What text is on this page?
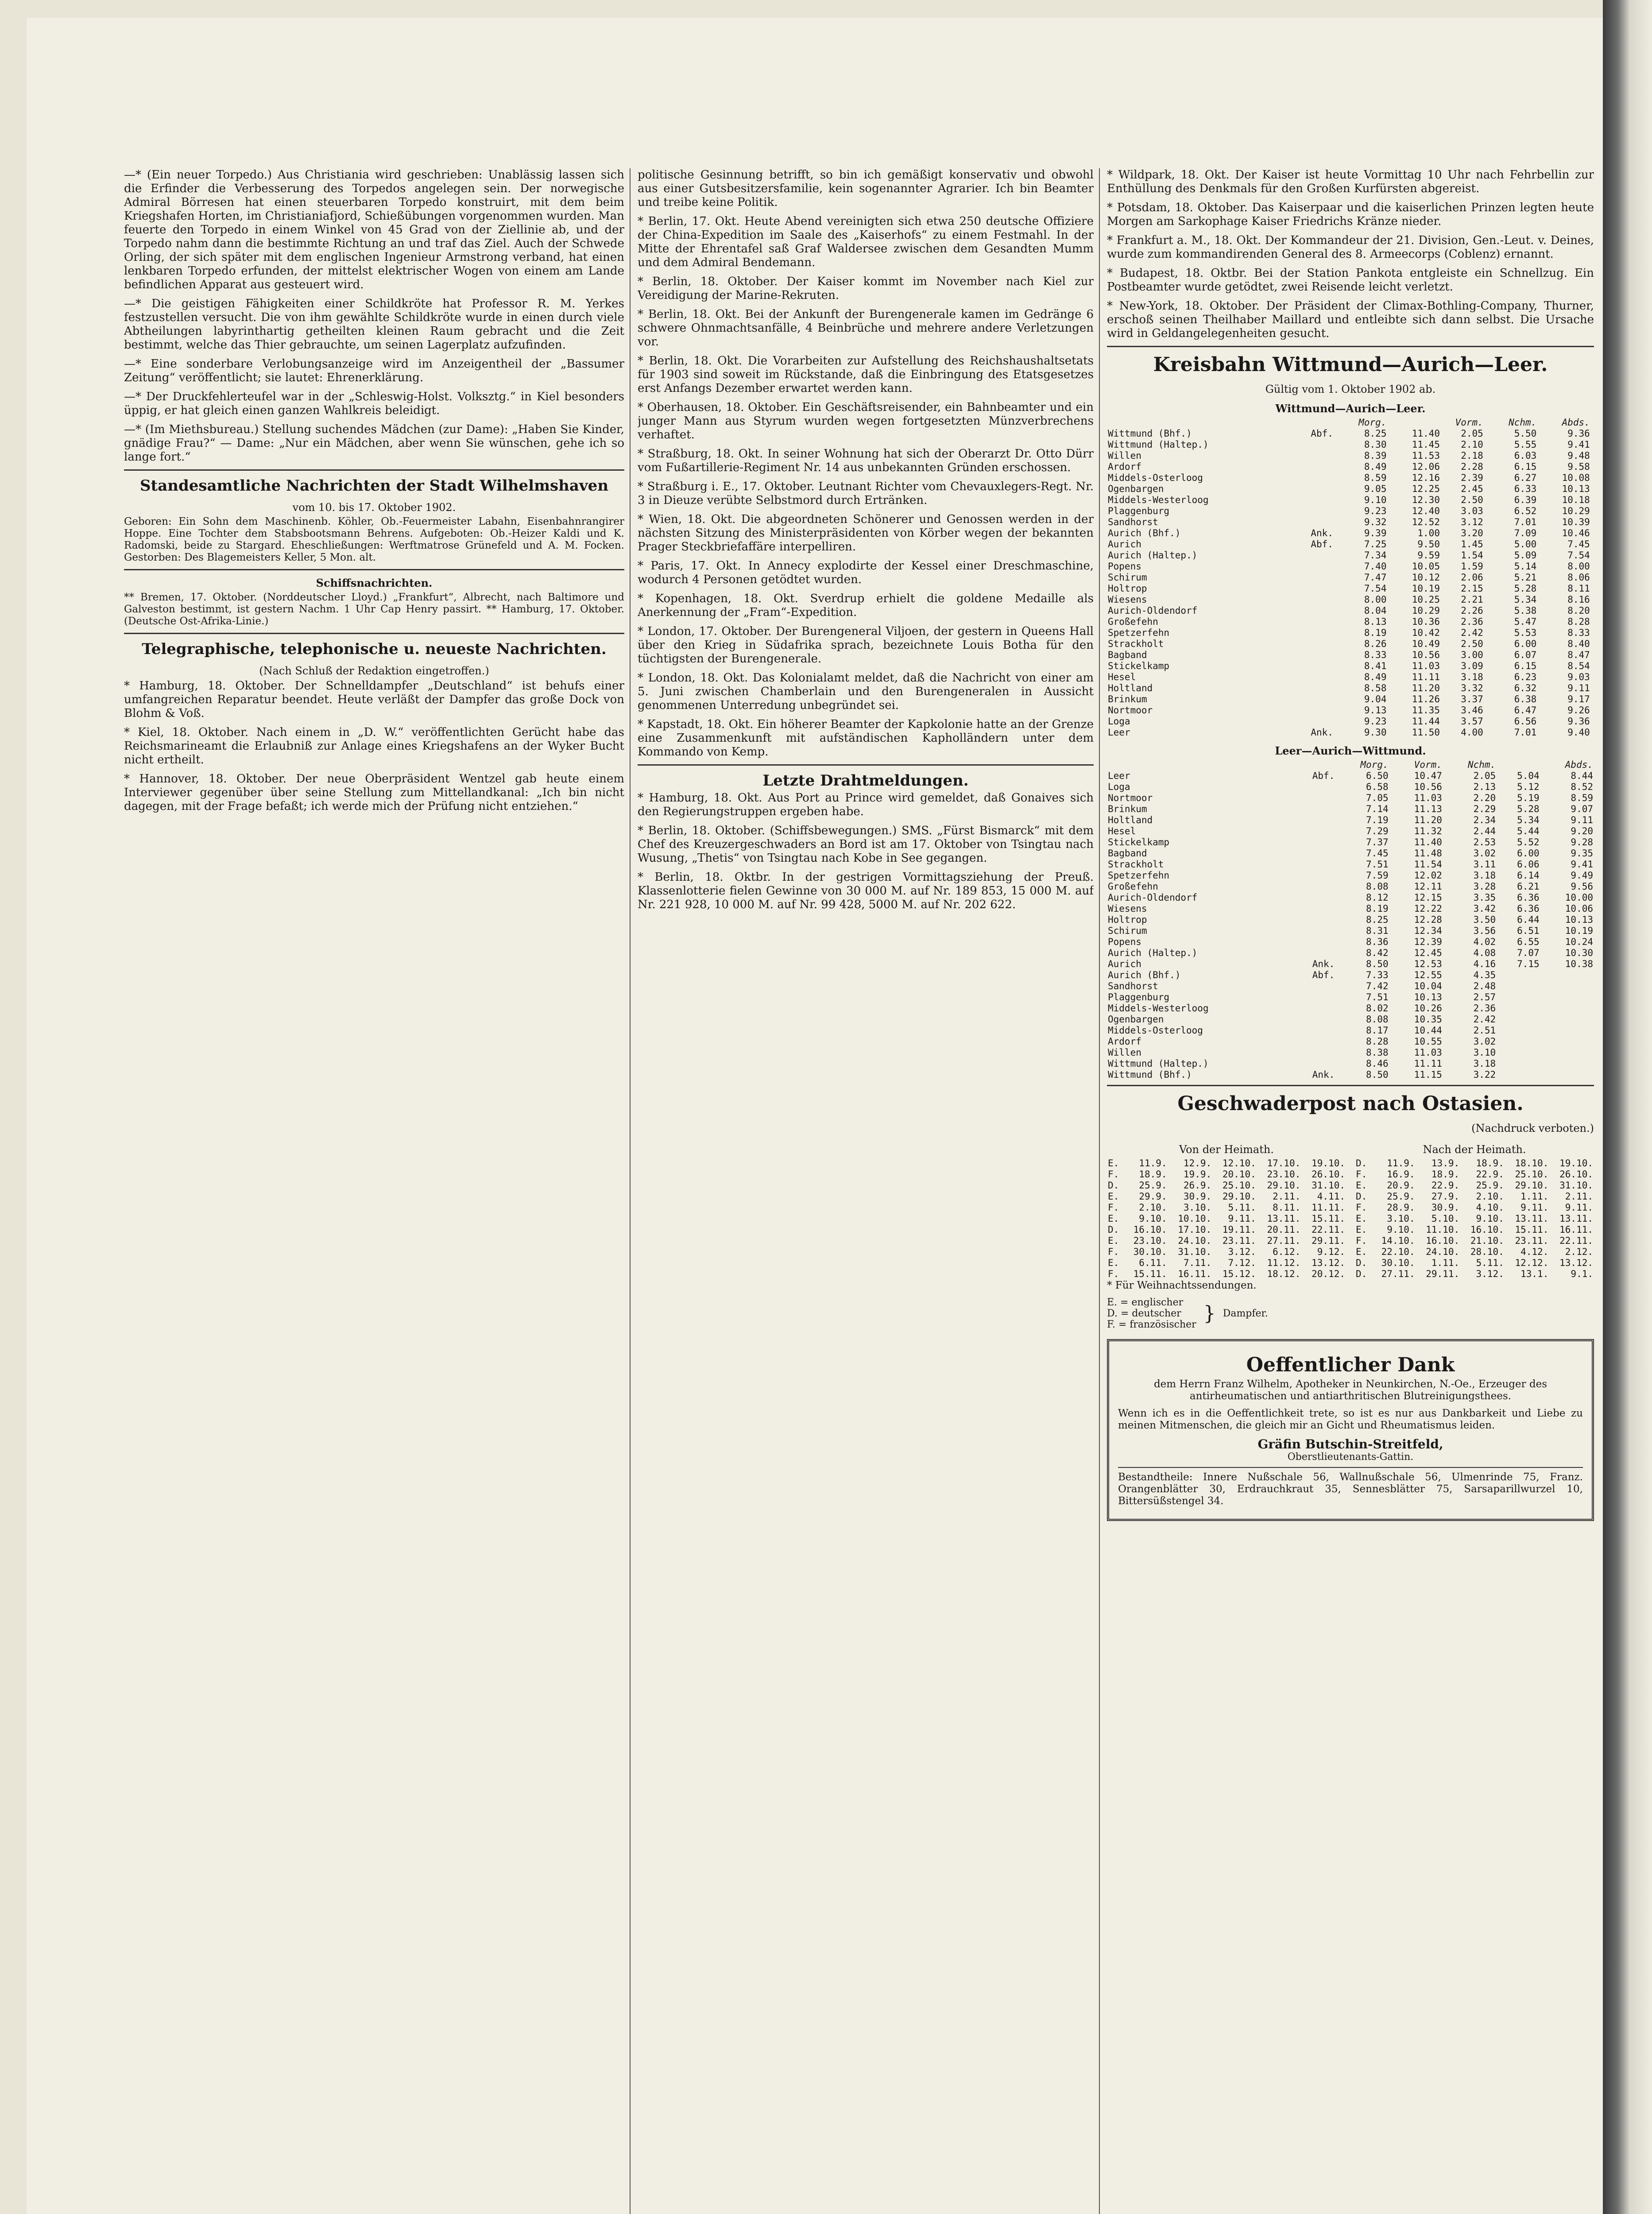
—* (Ein neuer Torpedo.) Aus Christiania wird geschrieben: Unablässig lassen sich die Erfinder die Verbesserung des Torpedos angelegen sein. Der norwegische Admiral Börresen hat einen steuerbaren Torpedo konstruirt, mit dem beim Kriegshafen Horten, im Christianiafjord, Schießübungen vorgenommen wurden. Man feuerte den Torpedo in einem Winkel von 45 Grad von der Ziellinie ab, und der Torpedo nahm dann die bestimmte Richtung an und traf das Ziel. Auch der Schwede Orling, der sich später mit dem englischen Ingenieur Armstrong verband, hat einen lenkbaren Torpedo erfunden, der mittelst elektrischer Wogen von einem am Lande befindlichen Apparat aus gesteuert wird.

—* Die geistigen Fähigkeiten einer Schildkröte hat Professor R. M. Yerkes festzustellen versucht. Die von ihm gewählte Schildkröte wurde in einen durch viele Abtheilungen labyrinthartig getheilten kleinen Raum gebracht und die Zeit bestimmt, welche das Thier gebrauchte, um seinen Lagerplatz aufzufinden.

—* Eine sonderbare Verlobungsanzeige wird im Anzeigentheil der „Bassumer Zeitung“ veröffentlicht; sie lautet: Ehrenerklärung.

—* Der Druckfehlerteufel war in der „Schleswig-Holst. Volksztg.“ in Kiel besonders üppig, er hat gleich einen ganzen Wahlkreis beleidigt.

—* (Im Miethsbureau.) Stellung suchendes Mädchen (zur Dame): „Haben Sie Kinder, gnädige Frau?“ — Dame: „Nur ein Mädchen, aber wenn Sie wünschen, gehe ich so lange fort.“

Standesamtliche Nachrichten der Stadt Wilhelmshaven
vom 10. bis 17. Oktober 1902.

Geboren: Ein Sohn dem Maschinenb. Köhler, Ob.-Feuermeister Labahn, Eisenbahnrangirer Hoppe. Eine Tochter dem Stabsbootsmann Behrens. Aufgeboten: Ob.-Heizer Kaldi und K. Radomski, beide zu Stargard. Eheschließungen: Werftmatrose Grünefeld und A. M. Focken. Gestorben: Des Blagemeisters Keller, 5 Mon. alt.

Schiffsnachrichten.

** Bremen, 17. Oktober. (Norddeutscher Lloyd.) „Frankfurt“, Albrecht, nach Baltimore und Galveston bestimmt, ist gestern Nachm. 1 Uhr Cap Henry passirt. ** Hamburg, 17. Oktober. (Deutsche Ost-Afrika-Linie.)

Telegraphische, telephonische u. neueste Nachrichten.
(Nach Schluß der Redaktion eingetroffen.)

* Hamburg, 18. Oktober. Der Schnelldampfer „Deutschland“ ist behufs einer umfangreichen Reparatur beendet. Heute verläßt der Dampfer das große Dock von Blohm & Voß.

* Kiel, 18. Oktober. Nach einem in „D. W.“ veröffentlichten Gerücht habe das Reichsmarineamt die Erlaubniß zur Anlage eines Kriegshafens an der Wyker Bucht nicht ertheilt.

* Hannover, 18. Oktober. Der neue Oberpräsident Wentzel gab heute einem Interviewer gegenüber über seine Stellung zum Mittellandkanal: „Ich bin nicht dagegen, mit der Frage befaßt; ich werde mich der Prüfung nicht entziehen.“

politische Gesinnung betrifft, so bin ich gemäßigt konservativ und obwohl aus einer Gutsbesitzersfamilie, kein sogenannter Agrarier. Ich bin Beamter und treibe keine Politik.

* Berlin, 17. Okt. Heute Abend vereinigten sich etwa 250 deutsche Offiziere der China-Expedition im Saale des „Kaiserhofs“ zu einem Festmahl. In der Mitte der Ehrentafel saß Graf Waldersee zwischen dem Gesandten Mumm und dem Admiral Bendemann.

* Berlin, 18. Oktober. Der Kaiser kommt im November nach Kiel zur Vereidigung der Marine-Rekruten.

* Berlin, 18. Okt. Bei der Ankunft der Burengenerale kamen im Gedränge 6 schwere Ohnmachtsanfälle, 4 Beinbrüche und mehrere andere Verletzungen vor.

* Berlin, 18. Okt. Die Vorarbeiten zur Aufstellung des Reichshaushaltsetats für 1903 sind soweit im Rückstande, daß die Einbringung des Etatsgesetzes erst Anfangs Dezember erwartet werden kann.

* Oberhausen, 18. Oktober. Ein Geschäftsreisender, ein Bahnbeamter und ein junger Mann aus Styrum wurden wegen fortgesetzten Münzverbrechens verhaftet.

* Straßburg, 18. Okt. In seiner Wohnung hat sich der Oberarzt Dr. Otto Dürr vom Fußartillerie-Regiment Nr. 14 aus unbekannten Gründen erschossen.

* Straßburg i. E., 17. Oktober. Leutnant Richter vom Chevauxlegers-Regt. Nr. 3 in Dieuze verübte Selbstmord durch Ertränken.

* Wien, 18. Okt. Die abgeordneten Schönerer und Genossen werden in der nächsten Sitzung des Ministerpräsidenten von Körber wegen der bekannten Prager Steckbriefaffäre interpelliren.

* Paris, 17. Okt. In Annecy explodirte der Kessel einer Dreschmaschine, wodurch 4 Personen getödtet wurden.

* Kopenhagen, 18. Okt. Sverdrup erhielt die goldene Medaille als Anerkennung der „Fram“-Expedition.

* London, 17. Oktober. Der Burengeneral Viljoen, der gestern in Queens Hall über den Krieg in Südafrika sprach, bezeichnete Louis Botha für den tüchtigsten der Burengenerale.

* London, 18. Okt. Das Kolonialamt meldet, daß die Nachricht von einer am 5. Juni zwischen Chamberlain und den Burengeneralen in Aussicht genommenen Unterredung unbegründet sei.

* Kapstadt, 18. Okt. Ein höherer Beamter der Kapkolonie hatte an der Grenze eine Zusammenkunft mit aufständischen Kapholländern unter dem Kommando von Kemp.

Letzte Drahtmeldungen.

* Hamburg, 18. Okt. Aus Port au Prince wird gemeldet, daß Gonaives sich den Regierungstruppen ergeben habe.

* Berlin, 18. Oktober. (Schiffsbewegungen.) SMS. „Fürst Bismarck“ mit dem Chef des Kreuzergeschwaders an Bord ist am 17. Oktober von Tsingtau nach Wusung, „Thetis“ von Tsingtau nach Kobe in See gegangen.

* Berlin, 18. Oktbr. In der gestrigen Vormittagsziehung der Preuß. Klassenlotterie fielen Gewinne von 30 000 M. auf Nr. 189 853, 15 000 M. auf Nr. 221 928, 10 000 M. auf Nr. 99 428, 5000 M. auf Nr. 202 622.

* Wildpark, 18. Okt. Der Kaiser ist heute Vormittag 10 Uhr nach Fehrbellin zur Enthüllung des Denkmals für den Großen Kurfürsten abgereist.

* Potsdam, 18. Oktober. Das Kaiserpaar und die kaiserlichen Prinzen legten heute Morgen am Sarkophage Kaiser Friedrichs Kränze nieder.

* Frankfurt a. M., 18. Okt. Der Kommandeur der 21. Division, Gen.-Leut. v. Deines, wurde zum kommandirenden General des 8. Armeecorps (Coblenz) ernannt.

* Budapest, 18. Oktbr. Bei der Station Pankota entgleiste ein Schnellzug. Ein Postbeamter wurde getödtet, zwei Reisende leicht verletzt.

* New-York, 18. Oktober. Der Präsident der Climax-Bothling-Company, Thurner, erschoß seinen Theilhaber Maillard und entleibte sich dann selbst. Die Ursache wird in Geldangelegenheiten gesucht.

Kreisbahn Wittmund—Aurich—Leer.
Gültig vom 1. Oktober 1902 ab.
Wittmund—Aurich—Leer.
		Morg.	Vorm.		Nchm.	Abds.	
Wittmund (Bhf.)	Abf.	8.25	11.40	2.05	5.50	9.36	
Wittmund (Haltep.)		8.30	11.45	2.10	5.55	9.41	
Willen		8.39	11.53	2.18	6.03	9.48	
Ardorf		8.49	12.06	2.28	6.15	9.58	
Middels-Osterloog		8.59	12.16	2.39	6.27	10.08	
Ogenbargen		9.05	12.25	2.45	6.33	10.13	
Middels-Westerloog		9.10	12.30	2.50	6.39	10.18	
Plaggenburg		9.23	12.40	3.03	6.52	10.29	
Sandhorst		9.32	12.52	3.12	7.01	10.39	
Aurich (Bhf.)	Ank.	9.39	1.00	3.20	7.09	10.46	
Aurich	Abf.	7.25	9.50	1.45	5.00	7.45	
Aurich (Haltep.)		7.34	9.59	1.54	5.09	7.54	
Popens		7.40	10.05	1.59	5.14	8.00	
Schirum		7.47	10.12	2.06	5.21	8.06	
Holtrop		7.54	10.19	2.15	5.28	8.11	
Wiesens		8.00	10.25	2.21	5.34	8.16	
Aurich-Oldendorf		8.04	10.29	2.26	5.38	8.20	
Großefehn		8.13	10.36	2.36	5.47	8.28	
Spetzerfehn		8.19	10.42	2.42	5.53	8.33	
Strackholt		8.26	10.49	2.50	6.00	8.40	
Bagband		8.33	10.56	3.00	6.07	8.47	
Stickelkamp		8.41	11.03	3.09	6.15	8.54	
Hesel		8.49	11.11	3.18	6.23	9.03	
Holtland		8.58	11.20	3.32	6.32	9.11	
Brinkum		9.04	11.26	3.37	6.38	9.17	
Nortmoor		9.13	11.35	3.46	6.47	9.26	
Loga		9.23	11.44	3.57	6.56	9.36	
Leer	Ank.	9.30	11.50	4.00	7.01	9.40	
Leer—Aurich—Wittmund.
		Morg.	Vorm.	Nchm.	Abds.	
Leer	Abf.	6.50	10.47	2.05	5.04	8.44
Loga		6.58	10.56	2.13	5.12	8.52
Nortmoor		7.05	11.03	2.20	5.19	8.59
Brinkum		7.14	11.13	2.29	5.28	9.07
Holtland		7.19	11.20	2.34	5.34	9.11
Hesel		7.29	11.32	2.44	5.44	9.20
Stickelkamp		7.37	11.40	2.53	5.52	9.28
Bagband		7.45	11.48	3.02	6.00	9.35
Strackholt		7.51	11.54	3.11	6.06	9.41
Spetzerfehn		7.59	12.02	3.18	6.14	9.49
Großefehn		8.08	12.11	3.28	6.21	9.56
Aurich-Oldendorf		8.12	12.15	3.35	6.36	10.00
Wiesens		8.19	12.22	3.42	6.36	10.06
Holtrop		8.25	12.28	3.50	6.44	10.13
Schirum		8.31	12.34	3.56	6.51	10.19
Popens		8.36	12.39	4.02	6.55	10.24
Aurich (Haltep.)		8.42	12.45	4.08	7.07	10.30
Aurich	Ank.	8.50	12.53	4.16	7.15	10.38
Aurich (Bhf.)	Abf.	7.33	12.55	4.35		
Sandhorst		7.42	10.04	2.48		
Plaggenburg		7.51	10.13	2.57		
Middels-Westerloog		8.02	10.26	2.36		
Ogenbargen		8.08	10.35	2.42		
Middels-Osterloog		8.17	10.44	2.51		
Ardorf		8.28	10.55	3.02		
Willen		8.38	11.03	3.10		
Wittmund (Haltep.)		8.46	11.11	3.18		
Wittmund (Bhf.)	Ank.	8.50	11.15	3.22		
Geschwaderpost nach Ostasien.
(Nachdruck verboten.)
Von der Heimath.
E.	11.9.	12.9.	12.10.	17.10.	19.10.
F.	18.9.	19.9.	20.10.	23.10.	26.10.
D.	25.9.	26.9.	25.10.	29.10.	31.10.
E.	29.9.	30.9.	29.10.	2.11.	4.11.
F.	2.10.	3.10.	5.11.	8.11.	11.11.
E.	9.10.	10.10.	9.11.	13.11.	15.11.
D.	16.10.	17.10.	19.11.	20.11.	22.11.
E.	23.10.	24.10.	23.11.	27.11.	29.11.
F.	30.10.	31.10.	3.12.	6.12.	9.12.
E.	6.11.	7.11.	7.12.	11.12.	13.12.
F.	15.11.	16.11.	15.12.	18.12.	20.12.
Nach der Heimath.
D.	11.9.	13.9.	18.9.	18.10.	19.10.
F.	16.9.	18.9.	22.9.	25.10.	26.10.
E.	20.9.	22.9.	25.9.	29.10.	31.10.
D.	25.9.	27.9.	2.10.	1.11.	2.11.
F.	28.9.	30.9.	4.10.	9.11.	9.11.
E.	3.10.	5.10.	9.10.	13.11.	13.11.
E.	9.10.	11.10.	16.10.	15.11.	16.11.
F.	14.10.	16.10.	21.10.	23.11.	22.11.
E.	22.10.	24.10.	28.10.	4.12.	2.12.
D.	30.10.	1.11.	5.11.	12.12.	13.12.
D.	27.11.	29.11.	3.12.	13.1.	9.1.

* Für Weihnachtssendungen.

E. = englischer
D. = deutscher
F. = französischer } Dampfer.
Oeffentlicher Dank

dem Herrn Franz Wilhelm, Apotheker in Neunkirchen, N.-Oe., Erzeuger des antirheumatischen und antiarthritischen Blutreinigungsthees.

Wenn ich es in die Oeffentlichkeit trete, so ist es nur aus Dankbarkeit und Liebe zu meinen Mitmenschen, die gleich mir an Gicht und Rheumatismus leiden.

Gräfin Butschin-Streitfeld,
Oberstlieutenants-Gattin.

Bestandtheile: Innere Nußschale 56, Wallnußschale 56, Ulmenrinde 75, Franz. Orangenblätter 30, Erdrauchkraut 35, Sennesblätter 75, Sarsaparillwurzel 10, Bittersüßstengel 34.
